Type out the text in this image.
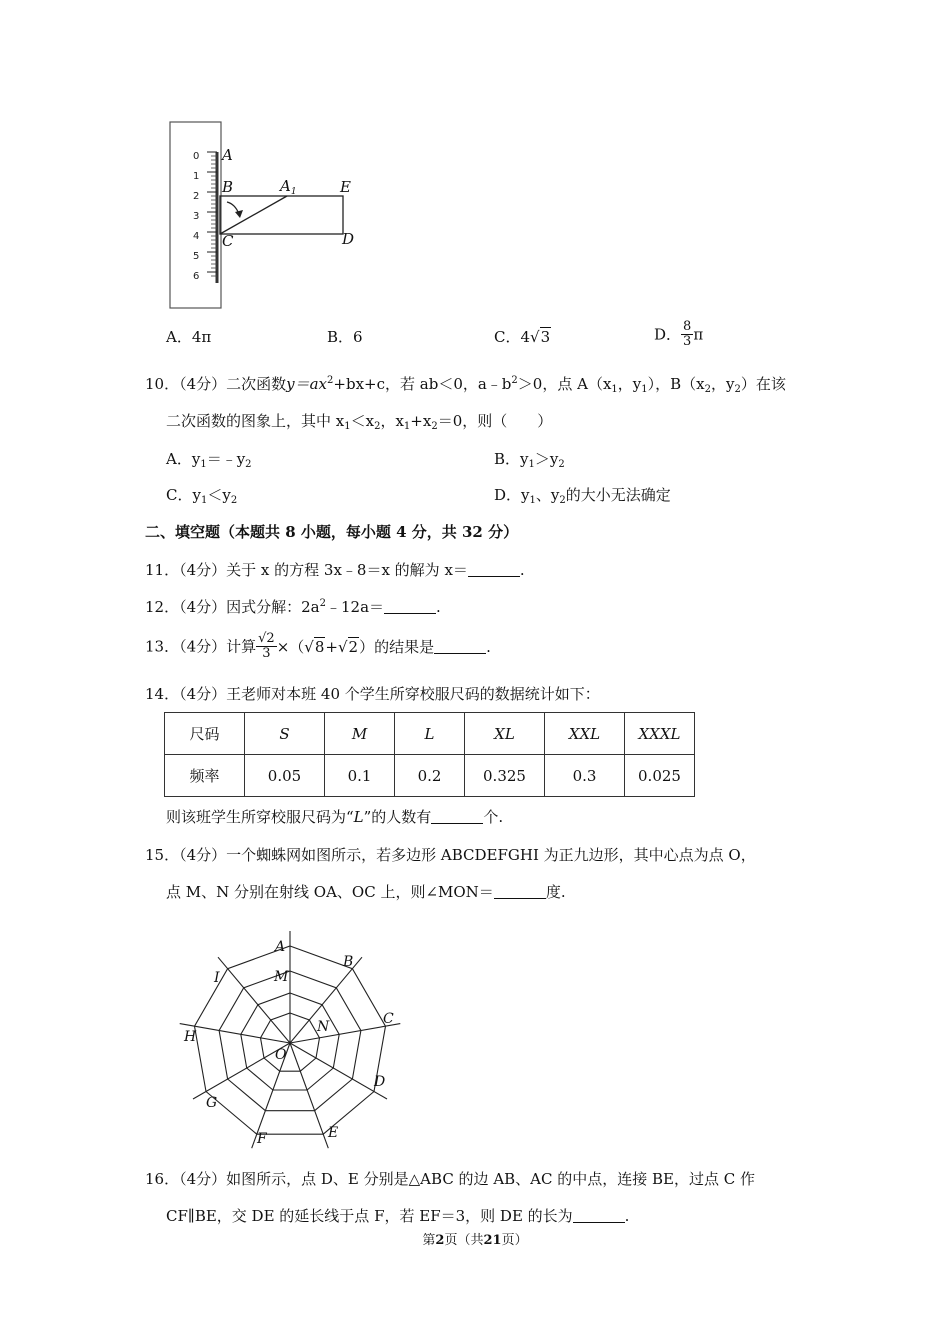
0
1
2
3
4
5
6
A
B	$A_1$	E
C	D
A．4π	B．6	C．4√3	D． $\frac{8}{3}$ π
10．（4分）二次函数$y=ax^2+bx+c$，若 ab＜0，$a﹣b^2>0$，点 $A(x_1$，$y_1$），$B(x_2$，$y_2$）在该
二次函数的图象上，其中 $x_1<x_2$，$x_1+x_2=0$，则（　　）
A．$y_1=﹣y_2$	B．$y_1>y_2$
C．$y_1<y_2$	D．$y_1$、$y_2$的大小无法确定
二、填空题（本题共 8 小题，每小题 4 分，共 32 分）
11．（4分）关于 x 的方程 3x﹣8＝x 的解为 x＝	.
12．（4分）因式分解：$2a^2﹣12a=$	.
13．（4分）计算 $\frac{√2}{3} \times(√8+√2)$的结果是	.
14．（4分）王老师对本班 40 个学生所穿校服尺码的数据统计如下：
尺码	S	M	L	XL	XXL	XXXL
频率	0.05	0.1	0.2	0.325	0.3	0.025
则该班学生所穿校服尺码为“L”的人数有	个.
15．（4分）一个蜘蛛网如图所示，若多边形 ABCDEFGHI 为正九边形，其中心点为点 O，
点 M、N 分别在射线 OA、OC 上，则∠MON＝	度.
A
B
C
D
E
F
G
H
I	M
N
O
16．（4分）如图所示，点 D、E 分别是△ABC 的边 AB、AC 的中点，连接 BE，过点 C 作
CF∥BE，交 DE 的延长线于点 F，若 EF＝3，则 DE 的长为	.
第2页（共21页）
